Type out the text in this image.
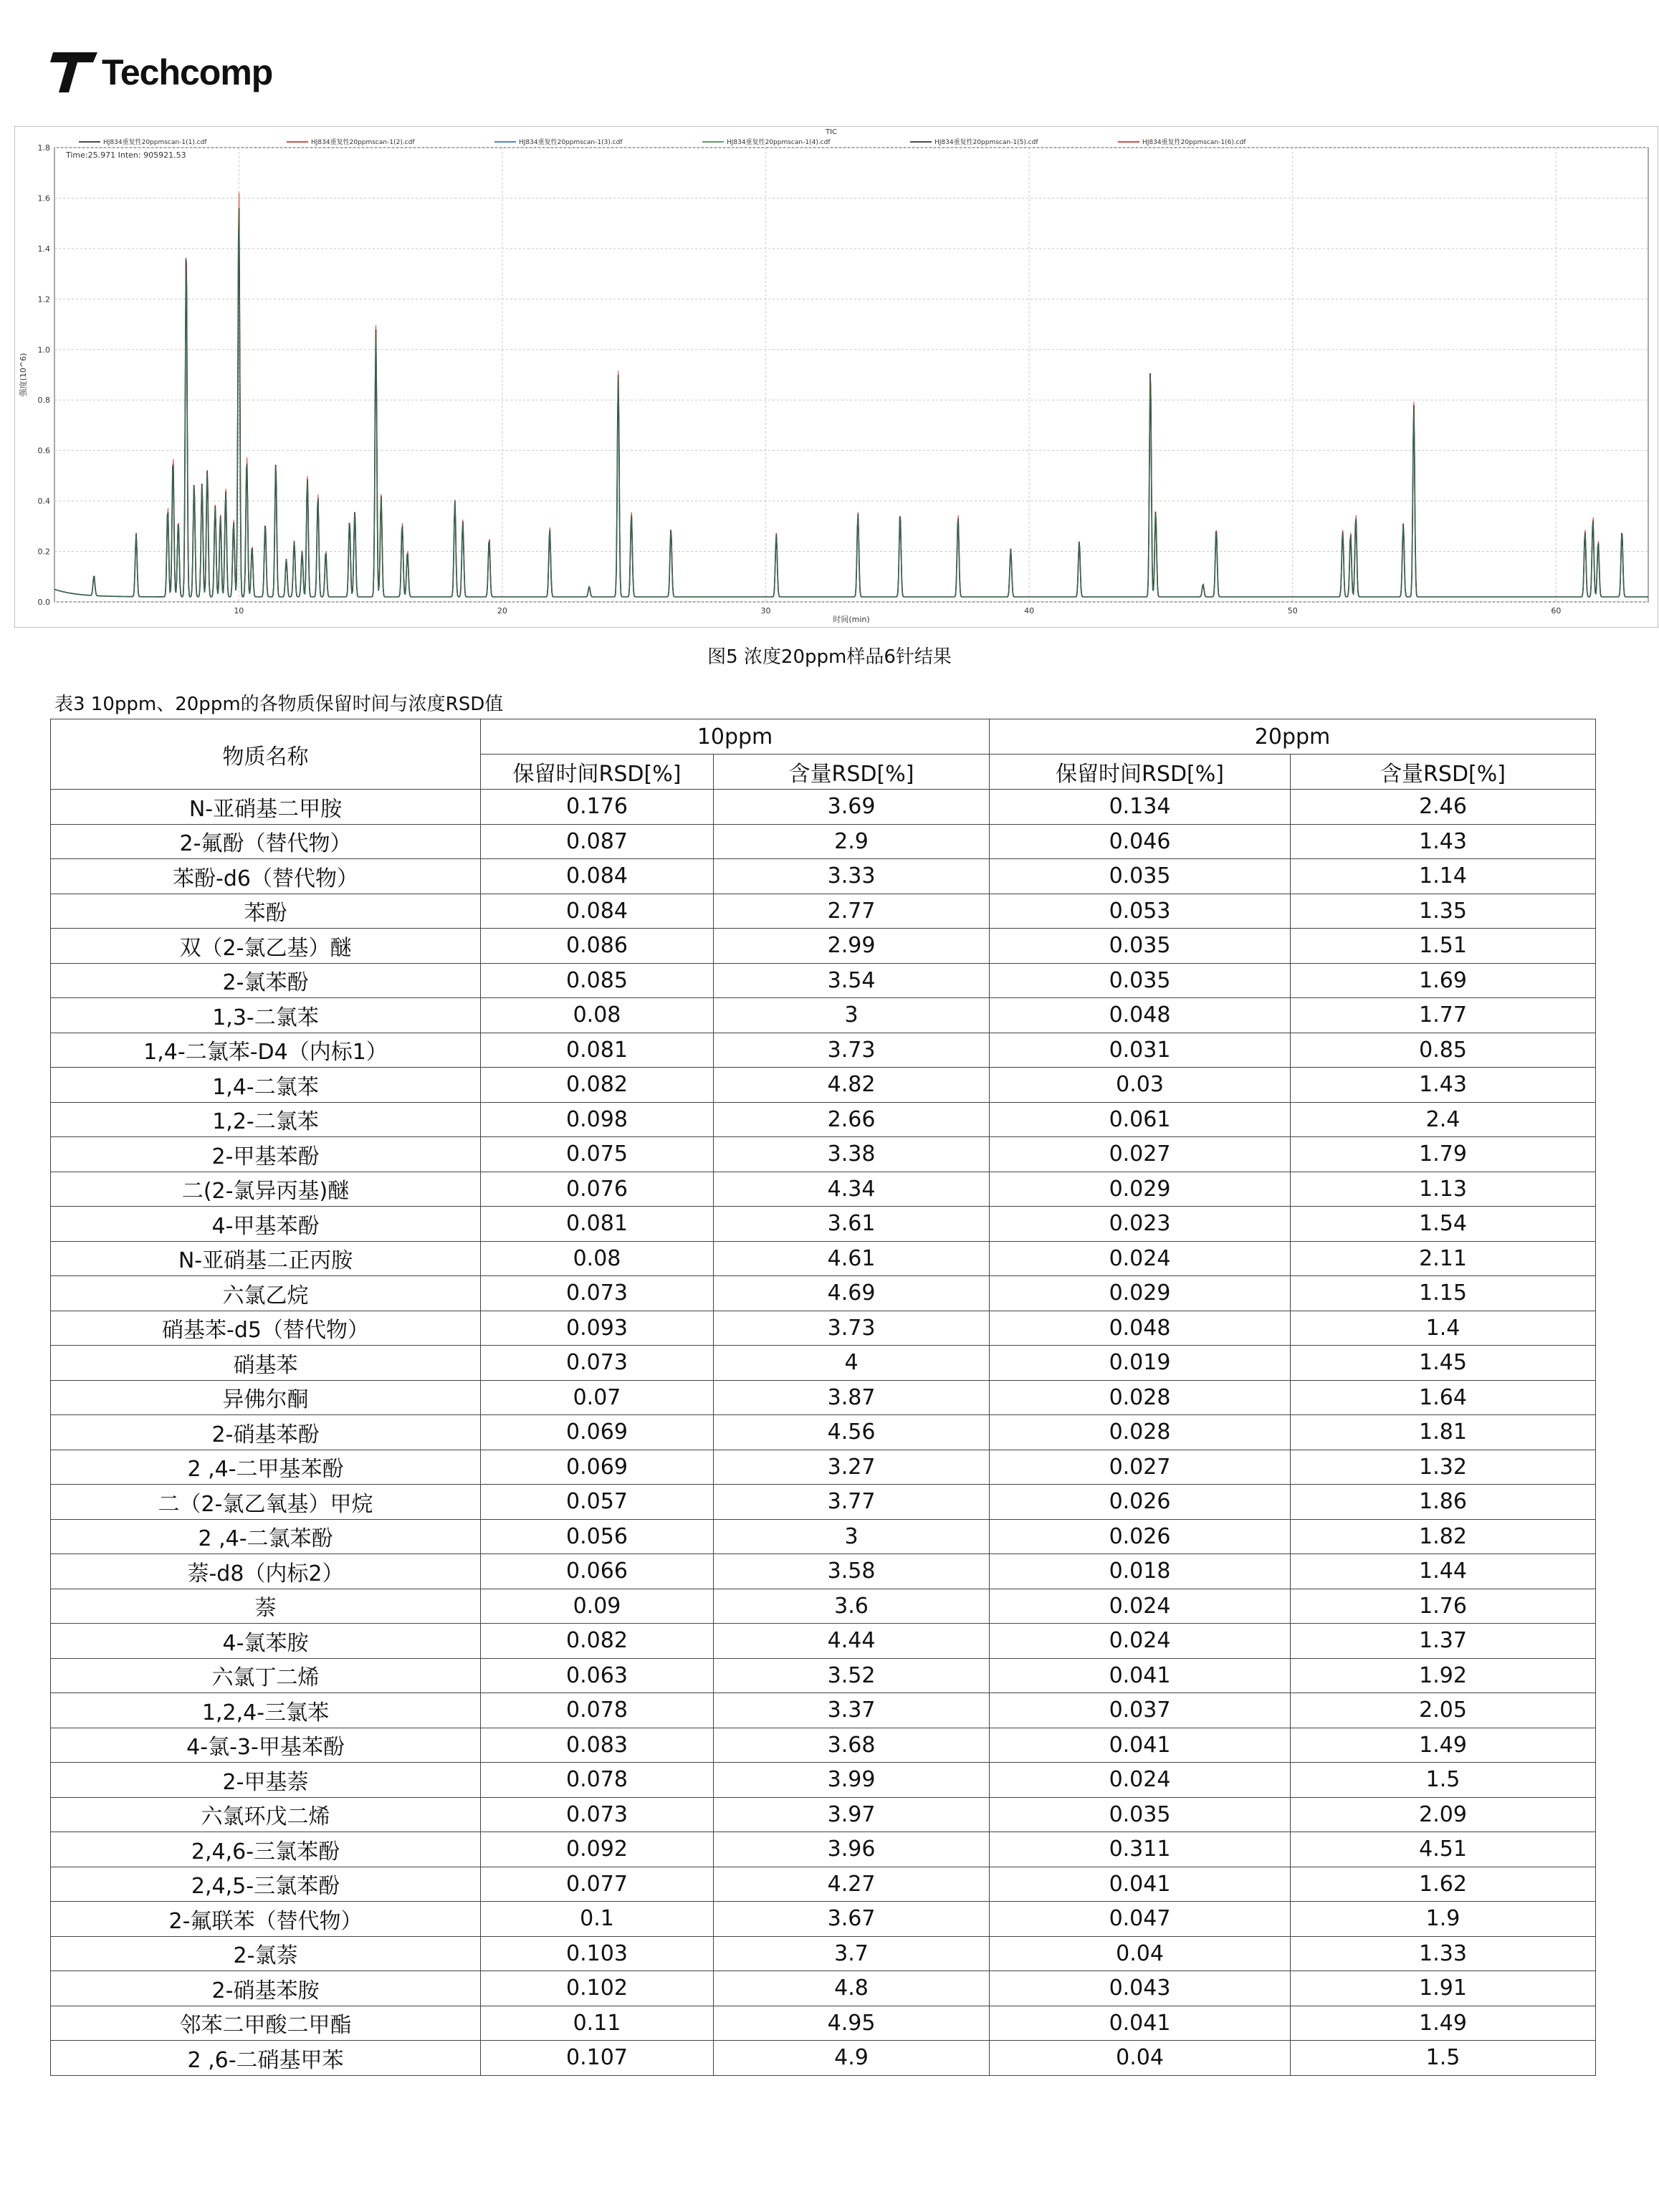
Techcomp
TIC
HJ834重复性20ppmscan-1(1).cdf	HJ834重复性20ppmscan-1(2).cdf	HJ834重复性20ppmscan-1(3).cdf	HJ834重复性20ppmscan-1(4).cdf	HJ834重复性20ppmscan-1(5).cdf	HJ834重复性20ppmscan-1(6).cdf
Time:25.971 Inten: 905921.53
0.0
0.2
0.4
0.6
0.8
1.0
1.2
1.4
1.6
1.8
10	20	30	40	50	60
时间(min)
强度(10^6)
图5 浓度20ppm样品6针结果
表3 10ppm、20ppm的各物质保留时间与浓度RSD值
物质名称	10ppm		20ppm	
	保留时间RSD[%]	含量RSD[%]	保留时间RSD[%]	含量RSD[%]
N-亚硝基二甲胺	0.176	3.69	0.134	2.46
2-氟酚（替代物）	0.087	2.9	0.046	1.43
苯酚-d6（替代物）	0.084	3.33	0.035	1.14
苯酚	0.084	2.77	0.053	1.35
双（2-氯乙基）醚	0.086	2.99	0.035	1.51
2-氯苯酚	0.085	3.54	0.035	1.69
1,3-二氯苯	0.08	3	0.048	1.77
1,4-二氯苯-D4（内标1）	0.081	3.73	0.031	0.85
1,4-二氯苯	0.082	4.82	0.03	1.43
1,2-二氯苯	0.098	2.66	0.061	2.4
2-甲基苯酚	0.075	3.38	0.027	1.79
二(2-氯异丙基)醚	0.076	4.34	0.029	1.13
4-甲基苯酚	0.081	3.61	0.023	1.54
N-亚硝基二正丙胺	0.08	4.61	0.024	2.11
六氯乙烷	0.073	4.69	0.029	1.15
硝基苯-d5（替代物）	0.093	3.73	0.048	1.4
硝基苯	0.073	4	0.019	1.45
异佛尔酮	0.07	3.87	0.028	1.64
2-硝基苯酚	0.069	4.56	0.028	1.81
2 ,4-二甲基苯酚	0.069	3.27	0.027	1.32
二（2-氯乙氧基）甲烷	0.057	3.77	0.026	1.86
2 ,4-二氯苯酚	0.056	3	0.026	1.82
萘-d8（内标2）	0.066	3.58	0.018	1.44
萘	0.09	3.6	0.024	1.76
4-氯苯胺	0.082	4.44	0.024	1.37
六氯丁二烯	0.063	3.52	0.041	1.92
1,2,4-三氯苯	0.078	3.37	0.037	2.05
4-氯-3-甲基苯酚	0.083	3.68	0.041	1.49
2-甲基萘	0.078	3.99	0.024	1.5
六氯环戊二烯	0.073	3.97	0.035	2.09
2,4,6-三氯苯酚	0.092	3.96	0.311	4.51
2,4,5-三氯苯酚	0.077	4.27	0.041	1.62
2-氟联苯（替代物）	0.1	3.67	0.047	1.9
2-氯萘	0.103	3.7	0.04	1.33
2-硝基苯胺	0.102	4.8	0.043	1.91
邻苯二甲酸二甲酯	0.11	4.95	0.041	1.49
2 ,6-二硝基甲苯	0.107	4.9	0.04	1.5
